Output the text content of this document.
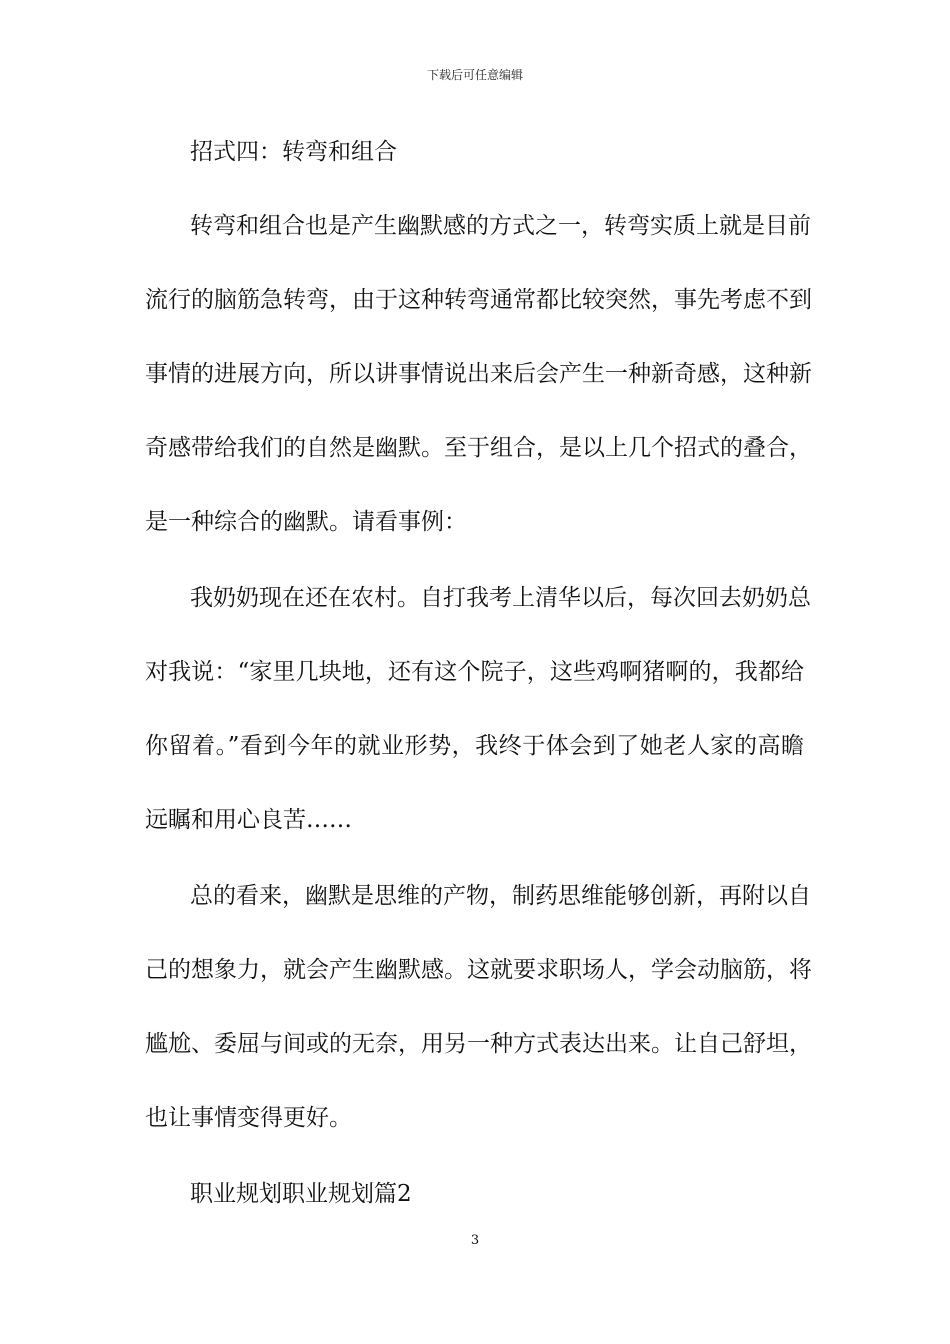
下载后可任意编辑
招式四：转弯和组合
转弯和组合也是产生幽默感的方式之一，转弯实质上就是目前
流行的脑筋急转弯，由于这种转弯通常都比较突然，事先考虑不到
事情的进展方向，所以讲事情说出来后会产生一种新奇感，这种新
奇感带给我们的自然是幽默。至于组合，是以上几个招式的叠合，
是一种综合的幽默。请看事例：
我奶奶现在还在农村。自打我考上清华以后，每次回去奶奶总
对我说：“家里几块地，还有这个院子，这些鸡啊猪啊的，我都给
你留着。”看到今年的就业形势，我终于体会到了她老人家的高瞻
远瞩和用心良苦……
总的看来，幽默是思维的产物，制药思维能够创新，再附以自
己的想象力，就会产生幽默感。这就要求职场人，学会动脑筋，将
尴尬、委屈与间或的无奈，用另一种方式表达出来。让自己舒坦，
也让事情变得更好。
职业规划职业规划篇2
3
